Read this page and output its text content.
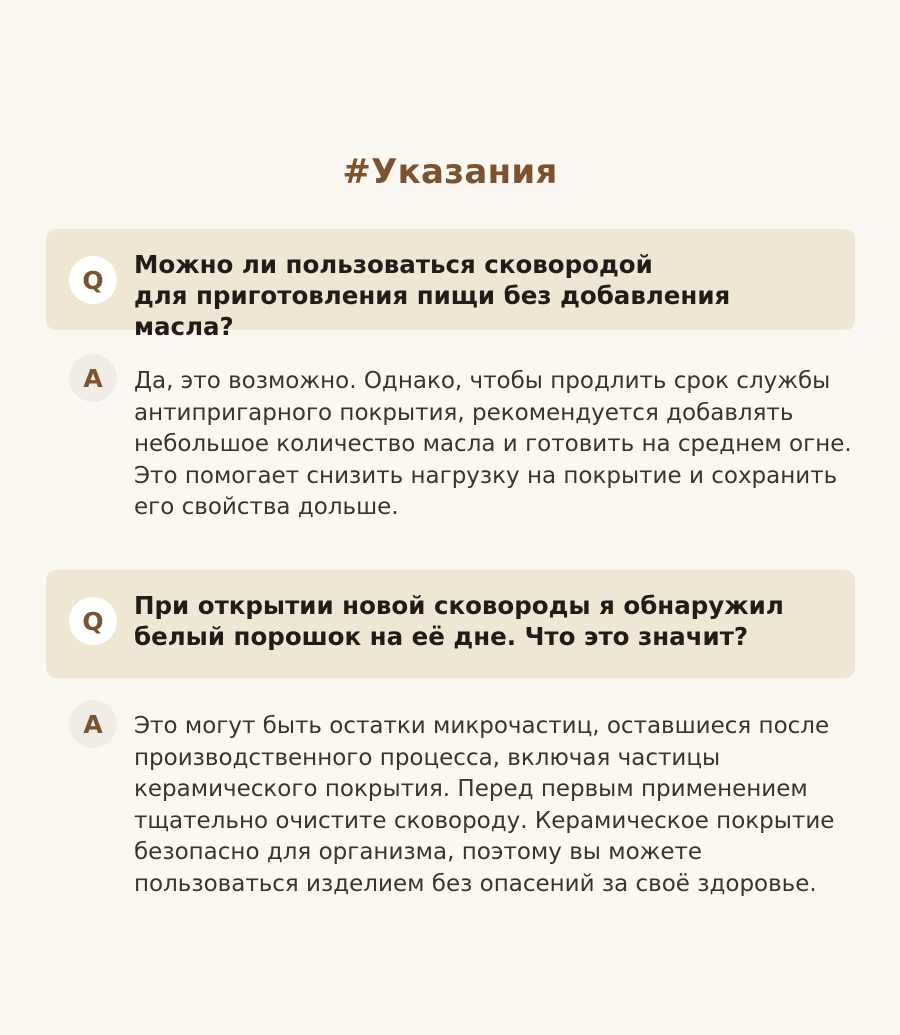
#Указания
Q
Можно ли пользоваться сковородой
для приготовления пищи без добавления масла?
A	Да, это возможно. Однако, чтобы продлить срок службы
антипригарного покрытия, рекомендуется добавлять
небольшое количество масла и готовить на среднем огне.
Это помогает снизить нагрузку на покрытие и сохранить
его свойства дольше.
Q
При открытии новой сковороды я обнаружил
белый порошок на её дне. Что это значит?
A	Это могут быть остатки микрочастиц, оставшиеся после
производственного процесса, включая частицы
керамического покрытия. Перед первым применением
тщательно очистите сковороду. Керамическое покрытие
безопасно для организма, поэтому вы можете
пользоваться изделием без опасений за своё здоровье.
